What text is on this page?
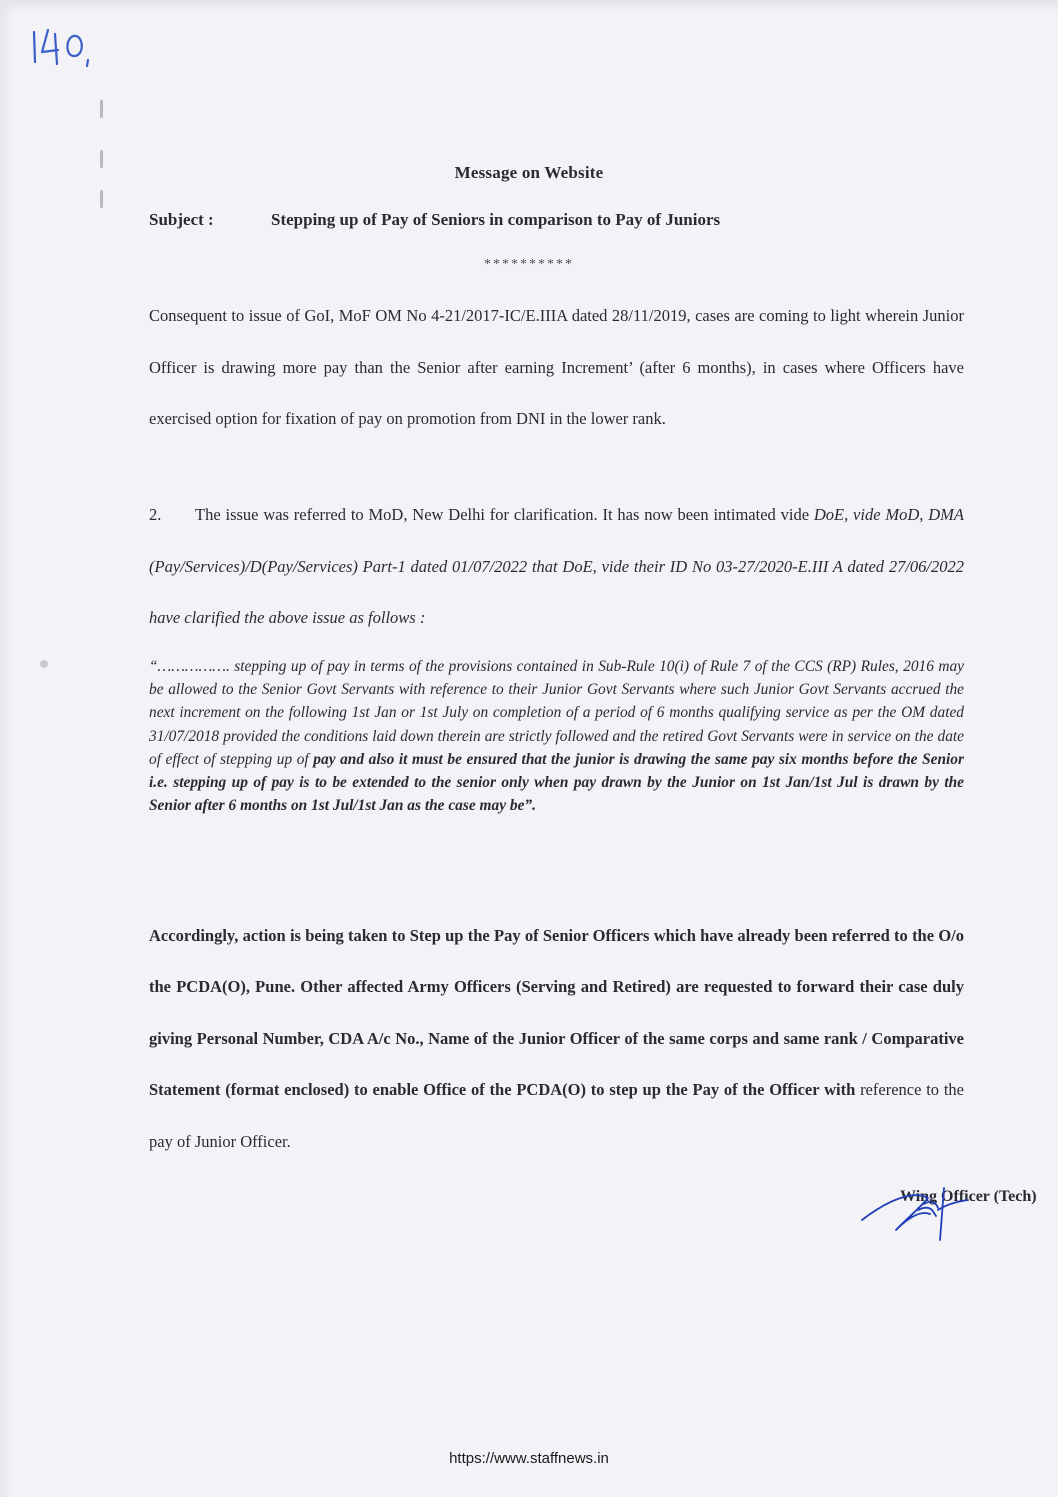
Message on Website
Subject :	Stepping up of Pay of Seniors in comparison to Pay of Juniors
**********

Consequent to issue of GoI, MoF OM No 4-21/2017-IC/E.IIIA dated 28/11/2019, cases are coming to light wherein Junior Officer is drawing more pay than the Senior after earning Increment’ (after 6 months), in cases where Officers have exercised option for fixation of pay on promotion from DNI in the lower rank.

2. The issue was referred to MoD, New Delhi for clarification. It has now been intimated vide DoE, vide MoD, DMA (Pay/Services)/D(Pay/Services) Part-1 dated 01/07/2022 that DoE, vide their ID No 03-27/2020-E.III A dated 27/06/2022 have clarified the above issue as follows :

“……………. stepping up of pay in terms of the provisions contained in Sub-Rule 10(i) of Rule 7 of the CCS (RP) Rules, 2016 may be allowed to the Senior Govt Servants with reference to their Junior Govt Servants where such Junior Govt Servants accrued the next increment on the following 1st Jan or 1st July on completion of a period of 6 months qualifying service as per the OM dated 31/07/2018 provided the conditions laid down therein are strictly followed and the retired Govt Servants were in service on the date of effect of stepping up of pay and also it must be ensured that the junior is drawing the same pay six months before the Senior i.e. stepping up of pay is to be extended to the senior only when pay drawn by the Junior on 1st Jan/1st Jul is drawn by the Senior after 6 months on 1st Jul/1st Jan as the case may be”.

Accordingly, action is being taken to Step up the Pay of Senior Officers which have already been referred to the O/o the PCDA(O), Pune. Other affected Army Officers (Serving and Retired) are requested to forward their case duly giving Personal Number, CDA A/c No., Name of the Junior Officer of the same corps and same rank / Comparative Statement (format enclosed) to enable Office of the PCDA(O) to step up the Pay of the Officer with reference to the pay of Junior Officer.

Wing Officer (Tech)
https://www.staffnews.in
